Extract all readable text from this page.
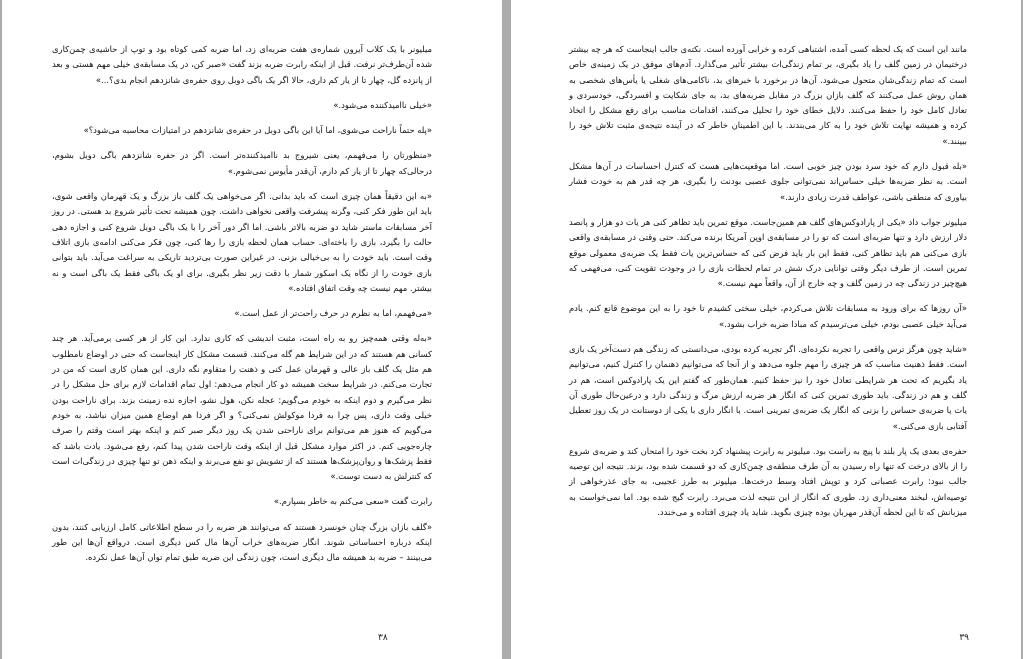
میلیونر با یک کلاب آیرون شماره‌ی هفت ضربه‌ای زد، اما ضربه کمی کوتاه بود و توپ از حاشیه‌ی چمن‌کاری شده آن‌طرف‌تر نرفت. قبل از اینکه رابرت ضربه بزند گفت «صبر کن، در یک مسابقه‌ی خیلی مهم هستی و بعد از پانزده گل، چهار تا از یار کم داری، حالا اگر یک باگی دوبل روی حفره‌ی شانزدهم انجام بدی؟...»

«خیلی ناامیدکننده می‌شود.»

«پله حتماً ناراحت می‌شوی، اما آیا این باگی دوبل در حفره‌ی شانزدهم در امتیازات محاسبه می‌شود؟»

«منظورتان را می‌فهمم، یعنی شیروج بد ناامیدکننده‌تر است. اگر در حفره شانزدهم باگی دوبل بشوم، درحالی‌که چهار تا از یار کم دارم، آن‌قدر مأیوس نمی‌شوم.»

«به این دقیقاً همان چیزی است که باید بدانی. اگر می‌خواهی یک گلف باز بزرگ و یک قهرمان واقعی شوی، باید این طور فکر کنی، وگرنه پیشرفت واقعی نخواهی داشت. چون همیشه تحت تأثیر شروع بد هستی. در روز آخر مسابقات ماستر شاید دو ضربه بالاتر باشی. اما اگر دور آخر را با یک باگی دوبل شروع کنی و اجازه دهی حالت را بگیرد، بازی را باخته‌ای. حساب همان لحظه بازی را رها کنی، چون فکر می‌کنی ادامه‌ی بازی اتلاف وقت است. باید خودت را به بی‌خیالی بزنی. در غیراین صورت بی‌تردید تاریکی به سراغت می‌آید. باید بتوانی بازی خودت را از نگاه یک اسکور شمار با دقت زیر نظر بگیری. برای او یک باگی فقط یک باگی است و نه بیشتر. مهم نیست چه وقت اتفاق افتاده.»

«می‌فهمم، اما به نظرم در حرف راحت‌تر از عمل است.»

«به‌له وقتی همه‌چیز رو به راه است، مثبت اندیشی که کاری ندارد. این کار از هر کسی برمی‌آید. هر چند کسانی هم هستند که در این شرایط هم گله می‌کنند. قسمت مشکل کار اینجاست که حتی در اوضاع نامطلوب هم مثل یک گلف باز عالی و قهرمان عمل کنی و ذهنت را متقاوم نگه داری. این همان کاری است که من در تجارت می‌کنم. در شرایط سخت همیشه دو کار انجام می‌دهم: اول تمام اقدامات لازم برای حل مشکل را در نظر می‌گیرم و دوم اینکه به خودم می‌گویم: عجله نکن، هول نشو، اجازه نده زمینت بزند. برای ناراحت بودن خیلی وقت داری، پس چرا به فردا موکولش نمی‌کنی؟ و اگر فردا هم اوضاع همین میزان نباشد، به خودم می‌گویم که هنوز هم می‌توانم برای ناراحتی شدن یک روز دیگر صبر کنم و اینکه بهتر است وقتم را صرف چاره‌جویی کنم. در اکثر موارد مشکل قبل از اینکه وقت ناراحت شدن پیدا کنم، رفع می‌شود. یادت باشد که فقط پزشک‌ها و روان‌پزشک‌ها هستند که از تشویش تو نفع می‌برند و اینکه ذهن تو تنها چیزی در زندگی‌ات است که کنترلش به دست توست.»

رابرت گفت «سعی می‌کنم به خاطر بسپارم.»

«گلف بازان بزرگ چنان خونسرد هستند که می‌توانند هر ضربه را در سطح اطلاعاتی کامل ارزیابی کنند، بدون اینکه درباره احساساتی شوند. انگار ضربه‌های خراب آن‌ها مال کس دیگری است. درواقع آن‌ها این طور می‌بینند – ضربه بد همیشه مال دیگری است، چون زندگی این ضربه طبق تمام توان آن‌ها عمل نکرده.

۳۸

مانند این است که یک لحظه کسی آمده، اشتباهی کرده و خرابی آورده است. نکته‌ی جالب اینجاست که هر چه بیشتر درختیمان در زمین گلف را یاد بگیری، بر تمام زندگی‌ات بیشتر تأثیر می‌گذارد. آدم‌های موفق در یک زمینه‌ی خاص است که تمام زندگی‌شان متحول می‌شود. آن‌ها در برخورد با خبرهای بد، ناکامی‌های شغلی یا یأس‌های شخصی به همان روش عمل می‌کنند که گلف بازان بزرگ در مقابل ضربه‌های بد، به جای شکایت و افسردگی، خودسردی و تعادل کامل خود را حفظ می‌کنند. دلایل خطای خود را تحلیل می‌کنند، اقدامات مناسب برای رفع مشکل را اتخاذ کرده و همیشه نهایت تلاش خود را به کار می‌بندند. با این اطمینان خاطر که در آینده نتیجه‌ی مثبت تلاش خود را ببینند.»

«بله قبول دارم که خود سرد بودن چیز خوبی است. اما موقعیت‌هایی هست که کنترل احساسات در آن‌ها مشکل است. به نظر ضربه‌ها خیلی حساس‌اند نمی‌توانی جلوی عصبی بودنت را بگیری، هر چه قدر هم به خودت فشار بیاوری که منطقی باشی، عواطف قدرت زیادی دارند.»

میلیونر جواب داد «یکی از پارادوکس‌های گلف هم همین‌جاست. موقع تمرین باید تظاهر کنی هر یات دو هزار و پانصد دلار ارزش دارد و تنها ضربه‌ای است که تو را در مسابقه‌ی اوپن آمریکا برنده می‌کند. حتی وقتی در مسابقه‌ی واقعی بازی می‌کنی هم باید تظاهر کنی، فقط این بار باید فرض کنی که حساس‌ترین یات فقط یک ضربه‌ی معمولی موقع تمرین است. از طرف دیگر وقتی توانایی درک شش در تمام لحظات بازی را در وجودت تقویت کنی، می‌فهمی که هیچ‌چیز در زندگی چه در زمین گلف و چه خارج از آن، واقعاً مهم نیست.»

«آن روزها که برای ورود به مسابقات تلاش می‌کردم، خیلی سختی کشیدم تا خود را به این موضوع قانع کنم. یادم می‌آید خیلی عصبی بودم، خیلی می‌ترسیدم که مبادا ضربه خراب بشود.»

«شاید چون هرگز ترس واقعی را تجربه نکرده‌ای. اگر تجربه کرده بودی، می‌دانستی که زندگی هم دست‌آخر یک بازی است. فقط ذهنیت مناسب که هر چیزی را مهم جلوه می‌دهد و از آنجا که می‌توانیم ذهنمان را کنترل کنیم، می‌توانیم یاد بگیریم که تحت هر شرایطی تعادل خود را نیز حفظ کنیم. همان‌طور که گفتم این یک پارادوکس است، هم در گلف و هم در زندگی. باید طوری تمرین کنی که انگار هر ضربه ارزش مرگ و زندگی دارد و درعین‌حال طوری آن یات یا ضربه‌ی حساس را بزنی که انگار یک ضربه‌ی تمرینی است. با انگار داری با یکی از دوستانت در یک روز تعطیل آفتابی بازی می‌کنی.»

حفره‌ی بعدی یک پار بلند با پیچ به راست بود. میلیونر به رابرت پیشنهاد کرد بخت خود را امتحان کند و ضربه‌ی شروع را از بالای درخت که تنها راه رسیدن به آن طرف منطقه‌ی چمن‌کاری که دو قسمت شده بود، بزند. نتیجه این توصیه جالب نبود: رابرت عصبانی کرد و توپش افتاد وسط درخت‌ها. میلیونر به طرز عجیبی، به جای عذرخواهی از توصیه‌اش، لبخند معنی‌داری زد. طوری که انگار از این نتیجه لذت می‌برد. رابرت گیج شده بود. اما نمی‌خواست به میزبانش که تا این لحظه آن‌قدر مهربان بوده چیزی بگوید. شاید یاد چیزی افتاده و می‌خندد.

۳۹
